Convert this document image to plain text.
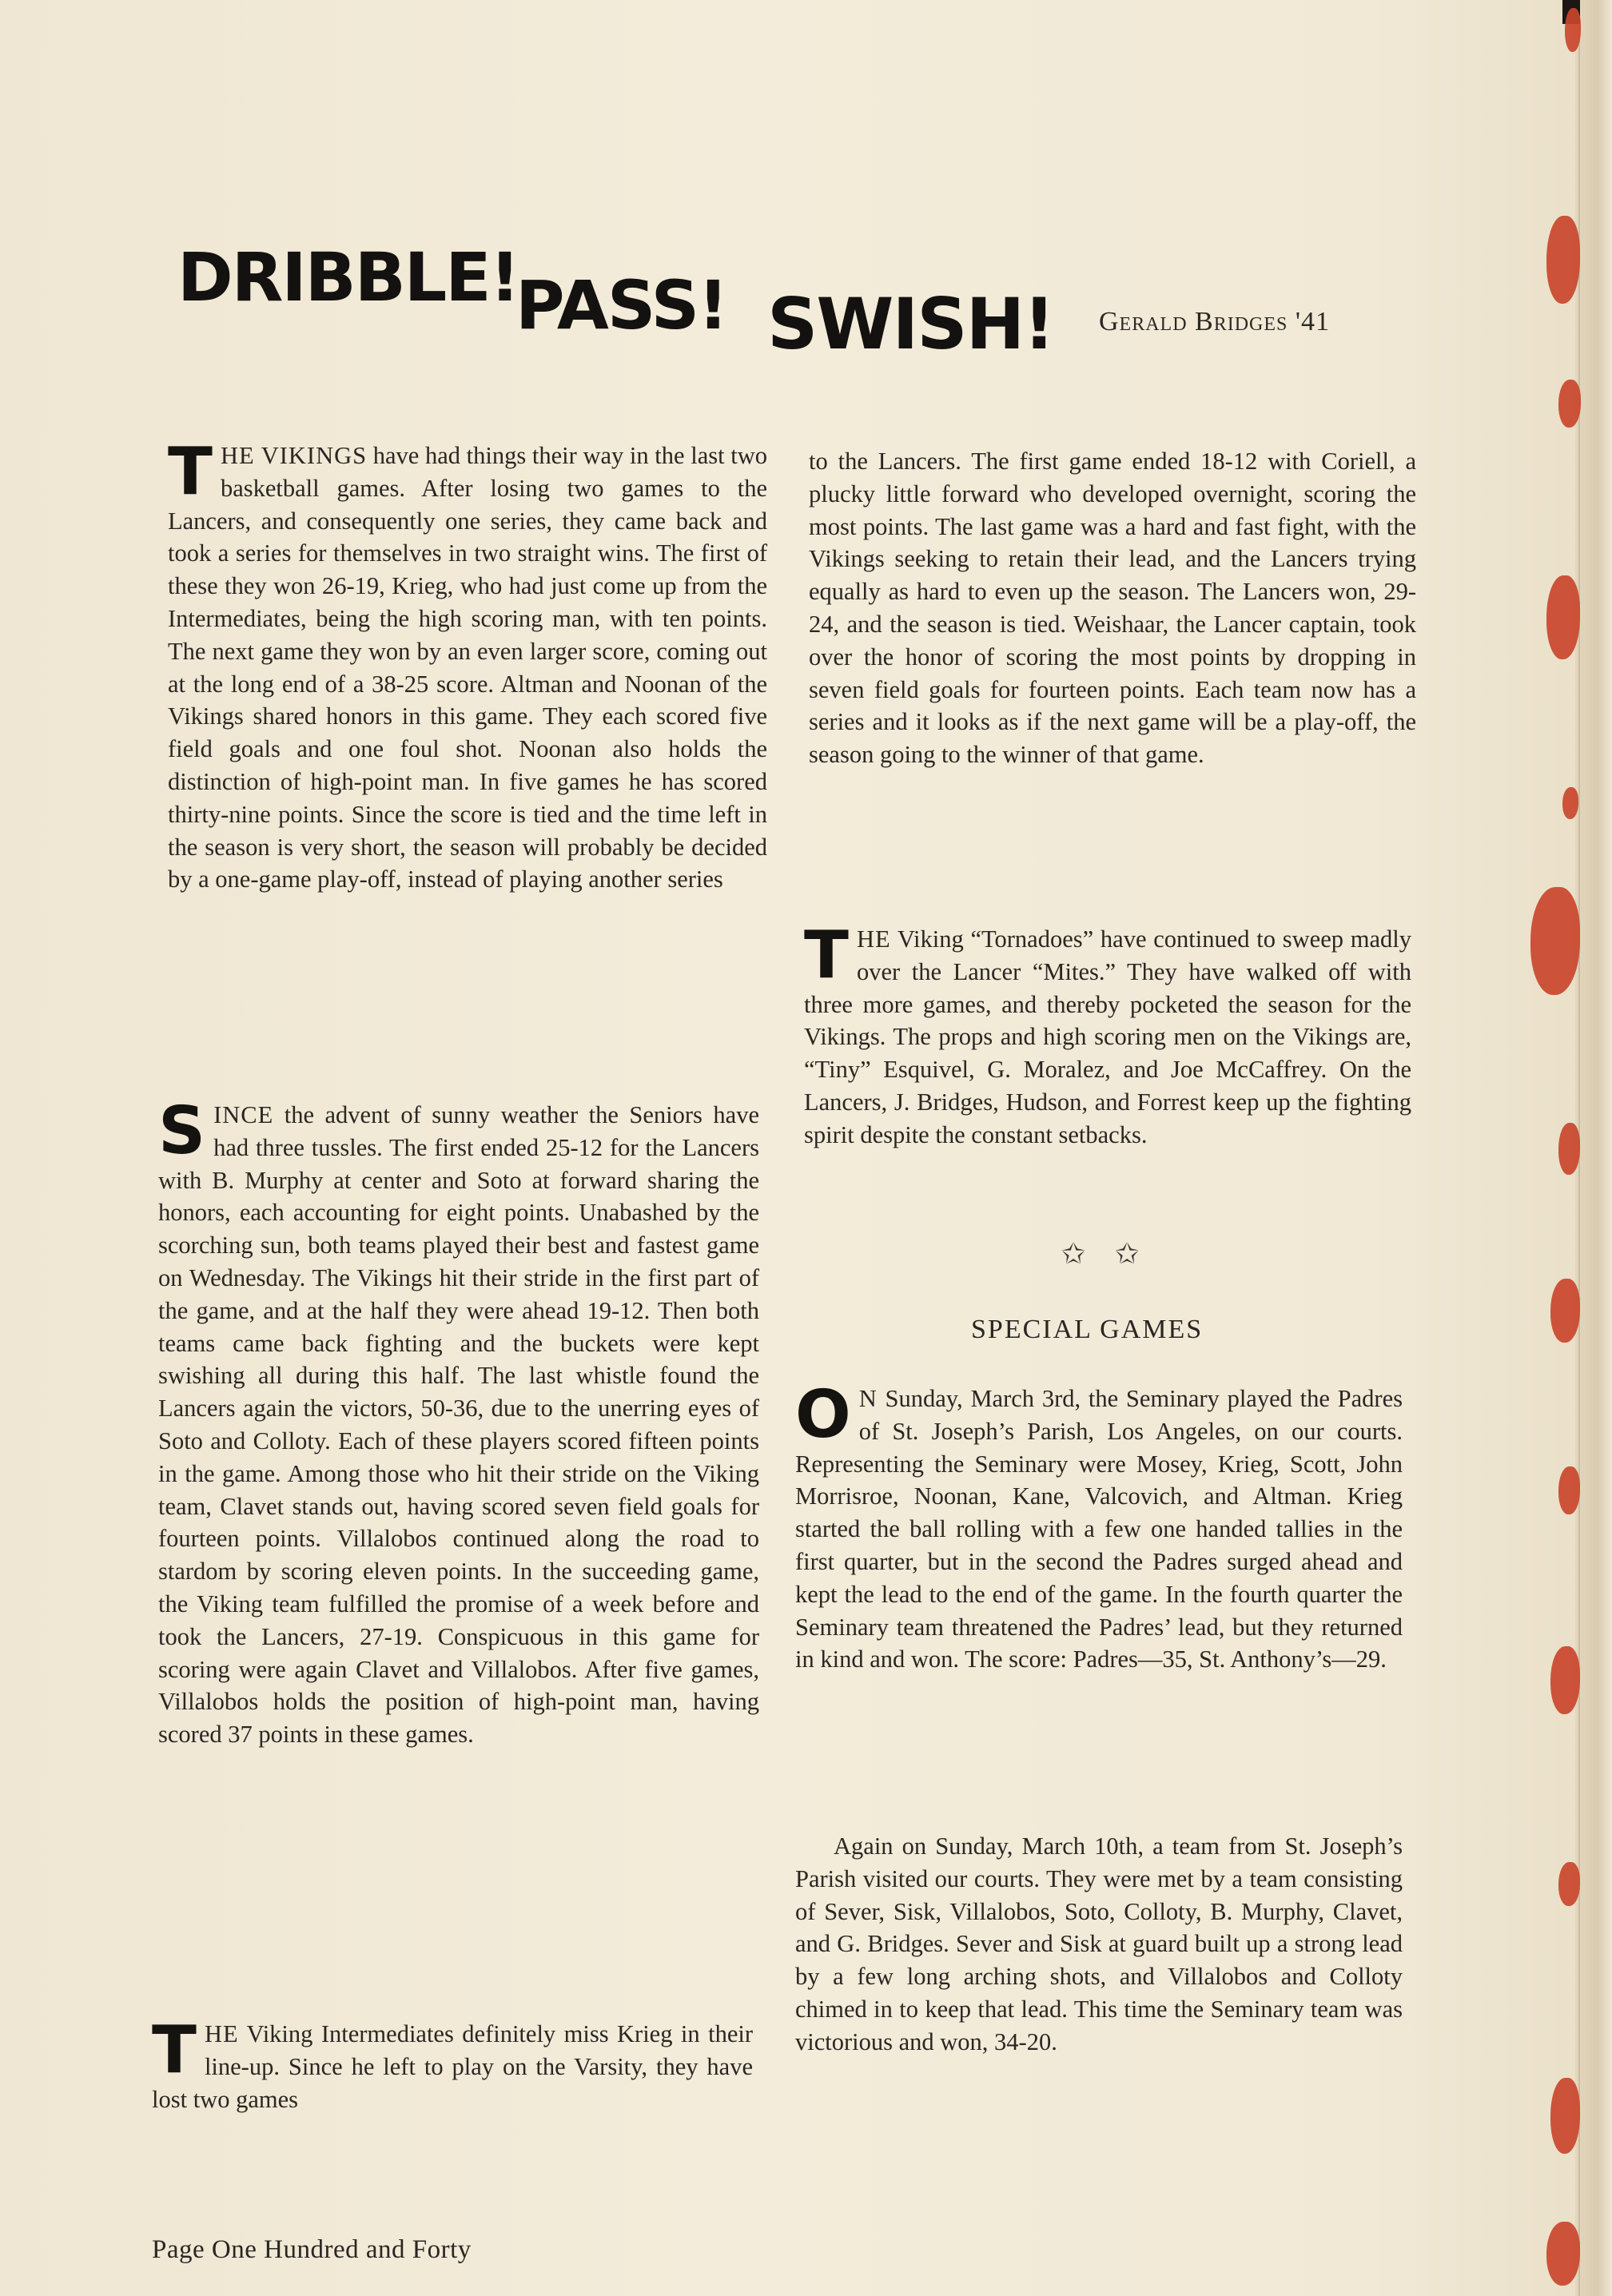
DRIBBLE!
PASS! SWISH! Gerald Bridges '41

THE VIKINGS have had things their way in the last two basketball games. After losing two games to the Lancers, and consequently one series, they came back and took a series for themselves in two straight wins. The first of these they won 26-19, Krieg, who had just come up from the Intermediates, being the high scoring man, with ten points. The next game they won by an even larger score, coming out at the long end of a 38-25 score. Altman and Noonan of the Vikings shared honors in this game. They each scored five field goals and one foul shot. Noonan also holds the distinction of high-point man. In five games he has scored thirty-nine points. Since the score is tied and the time left in the season is very short, the season will probably be decided by a one-game play-off, instead of playing another series

SINCE the advent of sunny weather the Seniors have had three tussles. The first ended 25-12 for the Lancers with B. Murphy at center and Soto at forward sharing the honors, each accounting for eight points. Unabashed by the scorching sun, both teams played their best and fastest game on Wednesday. The Vikings hit their stride in the first part of the game, and at the half they were ahead 19-12. Then both teams came back fighting and the buckets were kept swishing all during this half. The last whistle found the Lancers again the victors, 50-36, due to the unerring eyes of Soto and Colloty. Each of these players scored fifteen points in the game. Among those who hit their stride on the Viking team, Clavet stands out, having scored seven field goals for fourteen points. Villalobos continued along the road to stardom by scoring eleven points. In the succeeding game, the Viking team fulfilled the promise of a week before and took the Lancers, 27-19. Conspicuous in this game for scoring were again Clavet and Villalobos. After five games, Villalobos holds the position of high-point man, having scored 37 points in these games.

THE Viking Intermediates definitely miss Krieg in their line-up. Since he left to play on the Varsity, they have lost two games

to the Lancers. The first game ended 18-12 with Coriell, a plucky little forward who developed overnight, scoring the most points. The last game was a hard and fast fight, with the Vikings seeking to retain their lead, and the Lancers trying equally as hard to even up the season. The Lancers won, 29-24, and the season is tied. Weishaar, the Lancer captain, took over the honor of scoring the most points by dropping in seven field goals for fourteen points. Each team now has a series and it looks as if the next game will be a play-off, the season going to the winner of that game.

THE Viking “Tornadoes” have continued to sweep madly over the Lancer “Mites.” They have walked off with three more games, and thereby pocketed the season for the Vikings. The props and high scoring men on the Vikings are, “Tiny” Esquivel, G. Moralez, and Joe McCaffrey. On the Lancers, J. Bridges, Hudson, and Forrest keep up the fighting spirit despite the constant setbacks.

✩ ✩
SPECIAL GAMES

O N Sunday, March 3rd, the Seminary played the Padres of St. Joseph’s Parish, Los Angeles, on our courts. Representing the Seminary were Mosey, Krieg, Scott, John Morrisroe, Noonan, Kane, Valcovich, and Altman. Krieg started the ball rolling with a few one handed tallies in the first quarter, but in the second the Padres surged ahead and kept the lead to the end of the game. In the fourth quarter the Seminary team threatened the Padres’ lead, but they returned in kind and won. The score: Padres—35, St. Anthony’s—29.

Again on Sunday, March 10th, a team from St. Joseph’s Parish visited our courts. They were met by a team consisting of Sever, Sisk, Villalobos, Soto, Colloty, B. Murphy, Clavet, and G. Bridges. Sever and Sisk at guard built up a strong lead by a few long arching shots, and Villalobos and Colloty chimed in to keep that lead. This time the Seminary team was victorious and won, 34-20.

Page One Hundred and Forty
